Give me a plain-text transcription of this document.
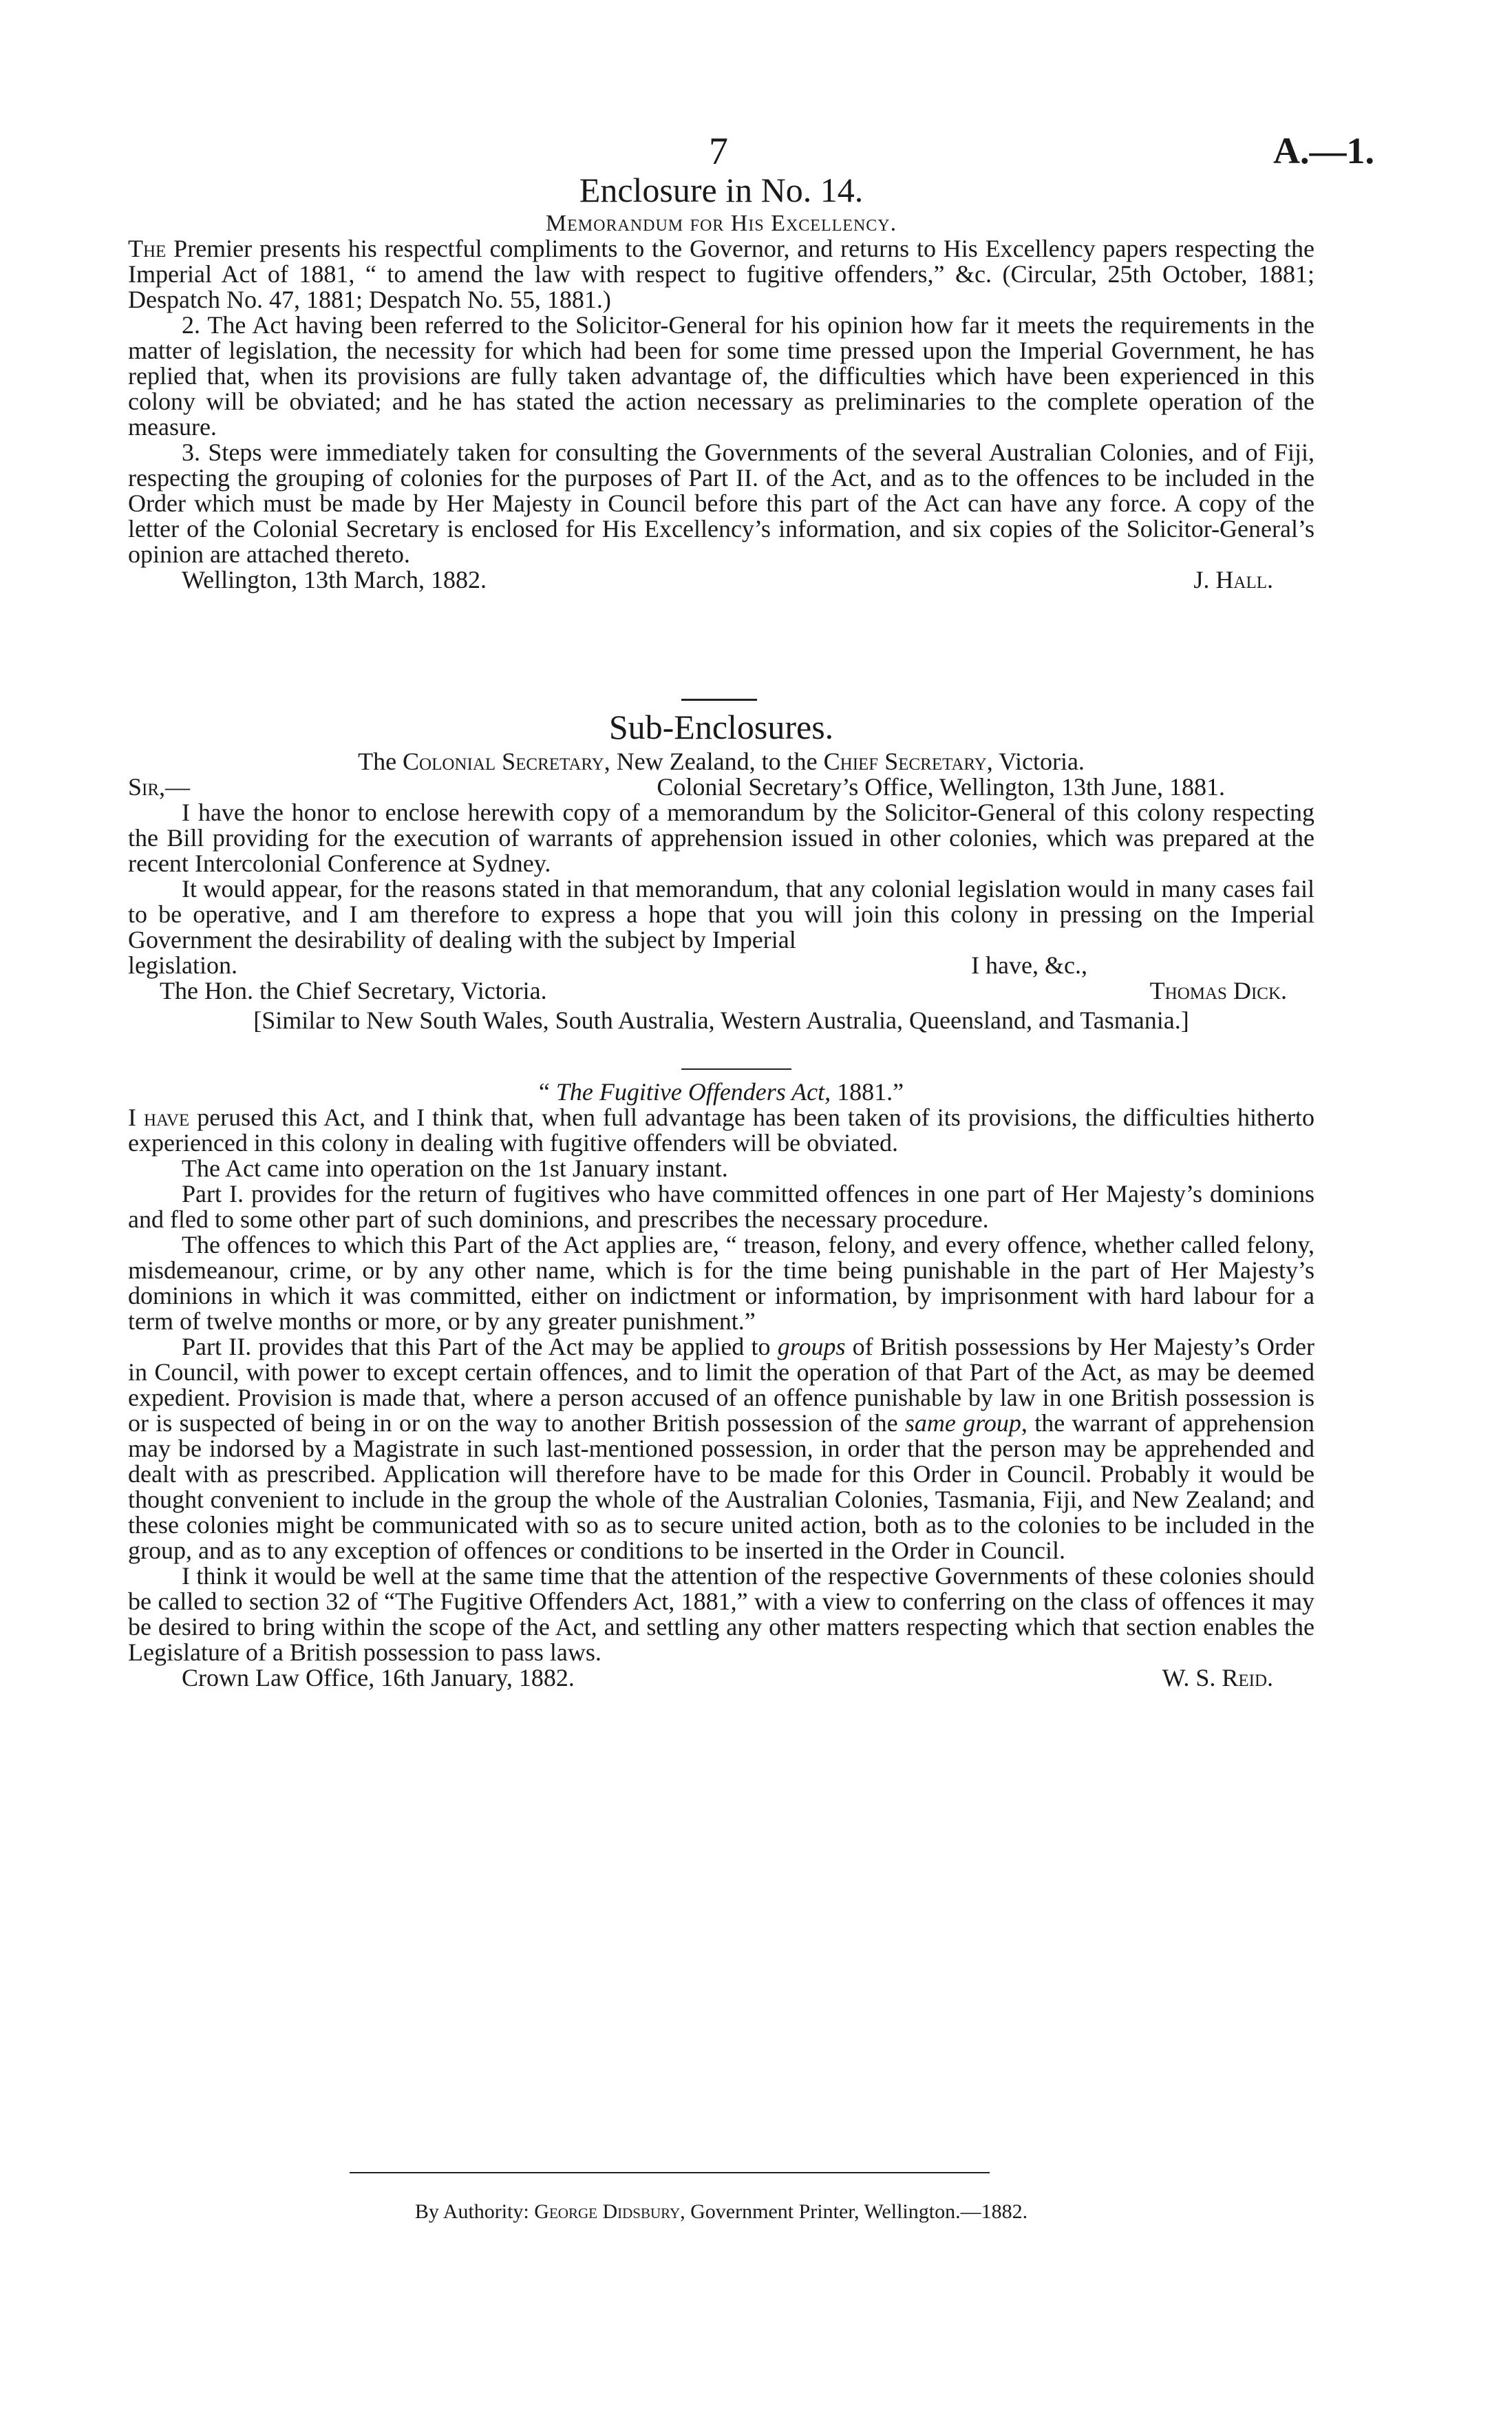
7	A.—1.

Enclosure in No. 14.

Memorandum for His Excellency.

The Premier presents his respectful compliments to the Governor, and returns to His Excellency papers respecting the Imperial Act of 1881, “ to amend the law with respect to fugitive offenders,” &c. (Circular, 25th October, 1881; Despatch No. 47, 1881; Despatch No. 55, 1881.)

2. The Act having been referred to the Solicitor-General for his opinion how far it meets the requirements in the matter of legislation, the necessity for which had been for some time pressed upon the Imperial Government, he has replied that, when its provisions are fully taken advantage of, the difficulties which have been experienced in this colony will be obviated; and he has stated the action necessary as preliminaries to the complete operation of the measure.

3. Steps were immediately taken for consulting the Governments of the several Australian Colonies, and of Fiji, respecting the grouping of colonies for the purposes of Part II. of the Act, and as to the offences to be included in the Order which must be made by Her Majesty in Council before this part of the Act can have any force. A copy of the letter of the Colonial Secretary is enclosed for His Excellency’s information, and six copies of the Solicitor-General’s opinion are attached thereto.

Wellington, 13th March, 1882.	J. Hall.

Sub-Enclosures.

The Colonial Secretary, New Zealand, to the Chief Secretary, Victoria.

Sir,—	Colonial Secretary’s Office, Wellington, 13th June, 1881.

I have the honor to enclose herewith copy of a memorandum by the Solicitor-General of this colony respecting the Bill providing for the execution of warrants of apprehension issued in other colonies, which was prepared at the recent Intercolonial Conference at Sydney.

It would appear, for the reasons stated in that memorandum, that any colonial legislation would in many cases fail to be operative, and I am therefore to express a hope that you will join this colony in pressing on the Imperial Government the desirability of dealing with the subject by Imperial

legislation.	I have, &c.,
The Hon. the Chief Secretary, Victoria.	Thomas Dick.

[Similar to New South Wales, South Australia, Western Australia, Queensland, and Tasmania.]

“ The Fugitive Offenders Act, 1881.”

I have perused this Act, and I think that, when full advantage has been taken of its provisions, the difficulties hitherto experienced in this colony in dealing with fugitive offenders will be obviated.

The Act came into operation on the 1st January instant.

Part I. provides for the return of fugitives who have committed offences in one part of Her Majesty’s dominions and fled to some other part of such dominions, and prescribes the necessary procedure.

The offences to which this Part of the Act applies are, “ treason, felony, and every offence, whether called felony, misdemeanour, crime, or by any other name, which is for the time being punishable in the part of Her Majesty’s dominions in which it was committed, either on indictment or information, by imprisonment with hard labour for a term of twelve months or more, or by any greater punishment.”

Part II. provides that this Part of the Act may be applied to groups of British possessions by Her Majesty’s Order in Council, with power to except certain offences, and to limit the operation of that Part of the Act, as may be deemed expedient. Provision is made that, where a person accused of an offence punishable by law in one British possession is or is suspected of being in or on the way to another British possession of the same group, the warrant of apprehension may be indorsed by a Magistrate in such last-mentioned possession, in order that the person may be apprehended and dealt with as prescribed. Application will therefore have to be made for this Order in Council. Probably it would be thought convenient to include in the group the whole of the Australian Colonies, Tasmania, Fiji, and New Zealand; and these colonies might be communicated with so as to secure united action, both as to the colonies to be included in the group, and as to any exception of offences or conditions to be inserted in the Order in Council.

I think it would be well at the same time that the attention of the respective Governments of these colonies should be called to section 32 of “The Fugitive Offenders Act, 1881,” with a view to conferring on the class of offences it may be desired to bring within the scope of the Act, and settling any other matters respecting which that section enables the Legislature of a British possession to pass laws.

Crown Law Office, 16th January, 1882.	W. S. Reid.
By Authority: George Didsbury, Government Printer, Wellington.—1882.
